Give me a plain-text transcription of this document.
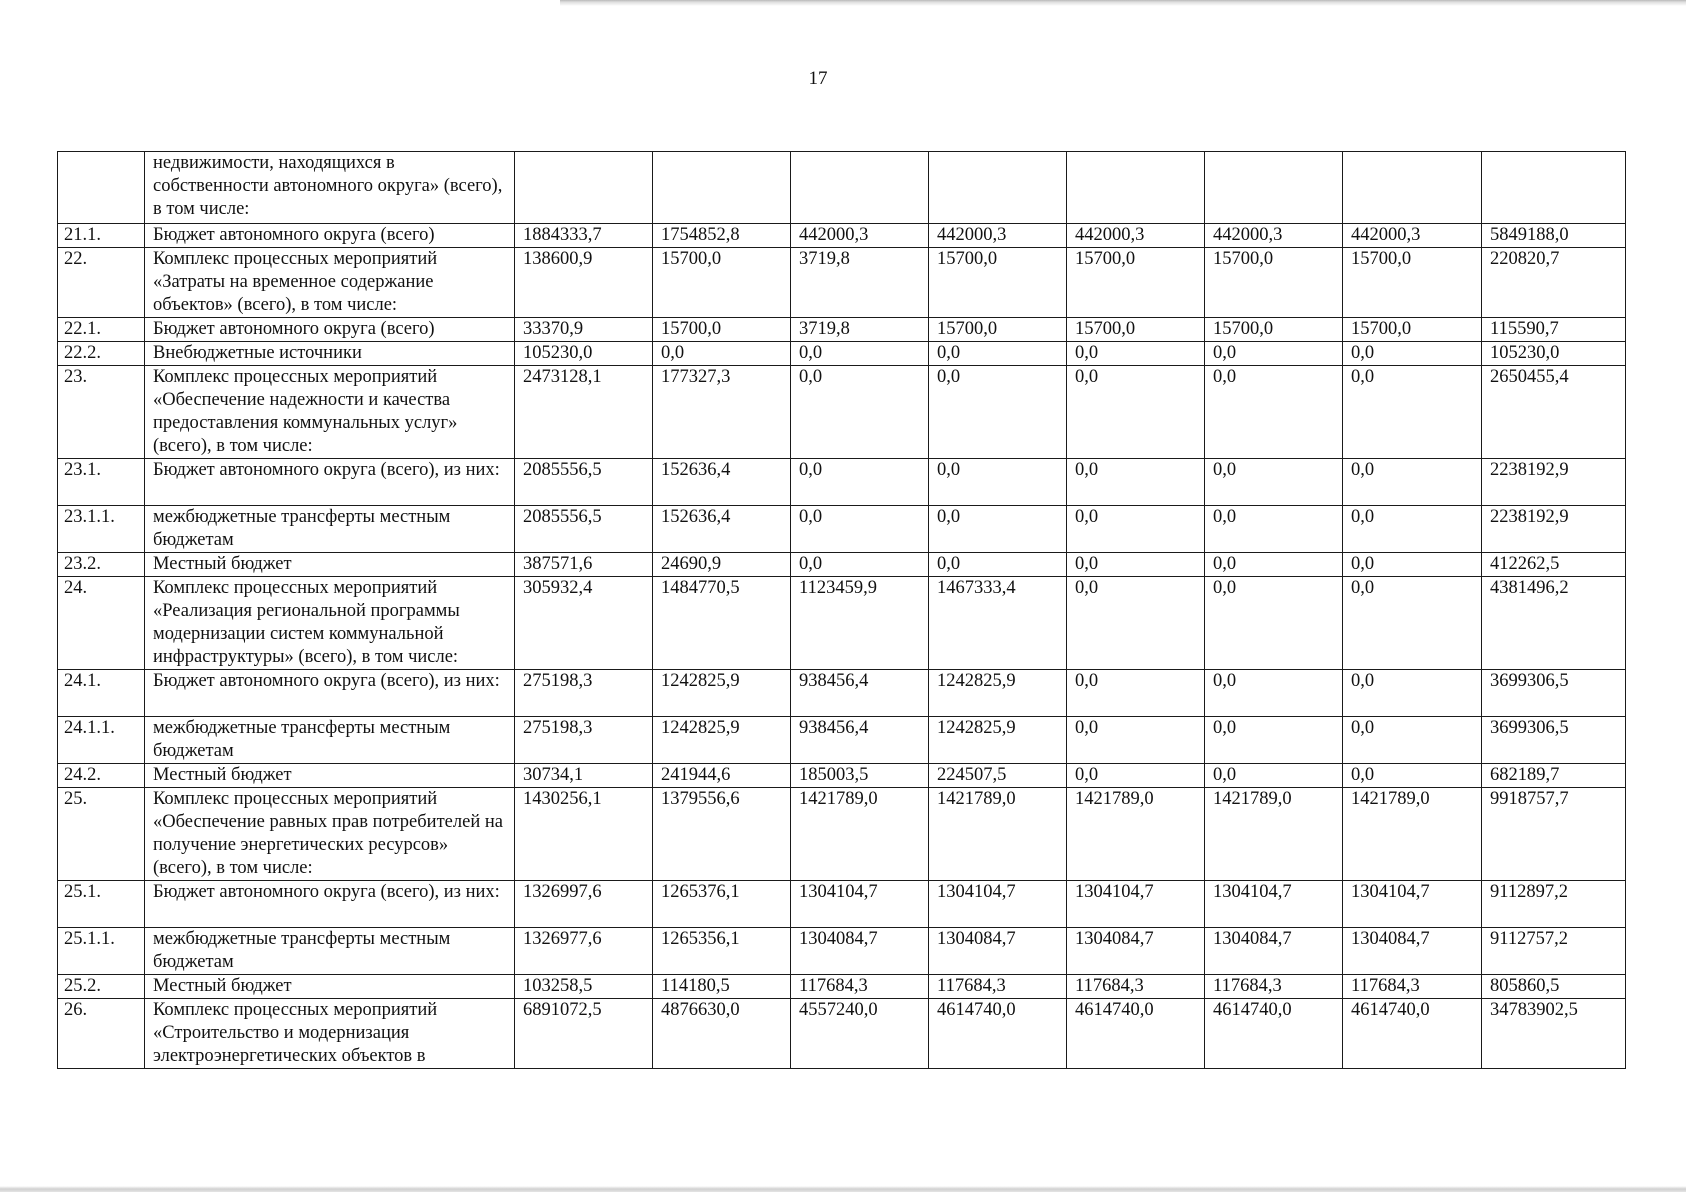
17
	недвижимости, находящихся в собственности автономного округа» (всего), в том числе:								
21.1.	Бюджет автономного округа (всего)	1884333,7	1754852,8	442000,3	442000,3	442000,3	442000,3	442000,3	5849188,0
22.	Комплекс процессных мероприятий «Затраты на временное содержание объектов» (всего), в том числе:	138600,9	15700,0	3719,8	15700,0	15700,0	15700,0	15700,0	220820,7
22.1.	Бюджет автономного округа (всего)	33370,9	15700,0	3719,8	15700,0	15700,0	15700,0	15700,0	115590,7
22.2.	Внебюджетные источники	105230,0	0,0	0,0	0,0	0,0	0,0	0,0	105230,0
23.	Комплекс процессных мероприятий «Обеспечение надежности и качества предоставления коммунальных услуг» (всего), в том числе:	2473128,1	177327,3	0,0	0,0	0,0	0,0	0,0	2650455,4
23.1.	Бюджет автономного округа (всего), из них:	2085556,5	152636,4	0,0	0,0	0,0	0,0	0,0	2238192,9
23.1.1.	межбюджетные трансферты местным бюджетам	2085556,5	152636,4	0,0	0,0	0,0	0,0	0,0	2238192,9
23.2.	Местный бюджет	387571,6	24690,9	0,0	0,0	0,0	0,0	0,0	412262,5
24.	Комплекс процессных мероприятий «Реализация региональной программы модернизации систем коммунальной инфраструктуры» (всего), в том числе:	305932,4	1484770,5	1123459,9	1467333,4	0,0	0,0	0,0	4381496,2
24.1.	Бюджет автономного округа (всего), из них:	275198,3	1242825,9	938456,4	1242825,9	0,0	0,0	0,0	3699306,5
24.1.1.	межбюджетные трансферты местным бюджетам	275198,3	1242825,9	938456,4	1242825,9	0,0	0,0	0,0	3699306,5
24.2.	Местный бюджет	30734,1	241944,6	185003,5	224507,5	0,0	0,0	0,0	682189,7
25.	Комплекс процессных мероприятий «Обеспечение равных прав потребителей на получение энергетических ресурсов» (всего), в том числе:	1430256,1	1379556,6	1421789,0	1421789,0	1421789,0	1421789,0	1421789,0	9918757,7
25.1.	Бюджет автономного округа (всего), из них:	1326997,6	1265376,1	1304104,7	1304104,7	1304104,7	1304104,7	1304104,7	9112897,2
25.1.1.	межбюджетные трансферты местным бюджетам	1326977,6	1265356,1	1304084,7	1304084,7	1304084,7	1304084,7	1304084,7	9112757,2
25.2.	Местный бюджет	103258,5	114180,5	117684,3	117684,3	117684,3	117684,3	117684,3	805860,5
26.	Комплекс процессных мероприятий «Строительство и модернизация электроэнергетических объектов в	6891072,5	4876630,0	4557240,0	4614740,0	4614740,0	4614740,0	4614740,0	34783902,5
